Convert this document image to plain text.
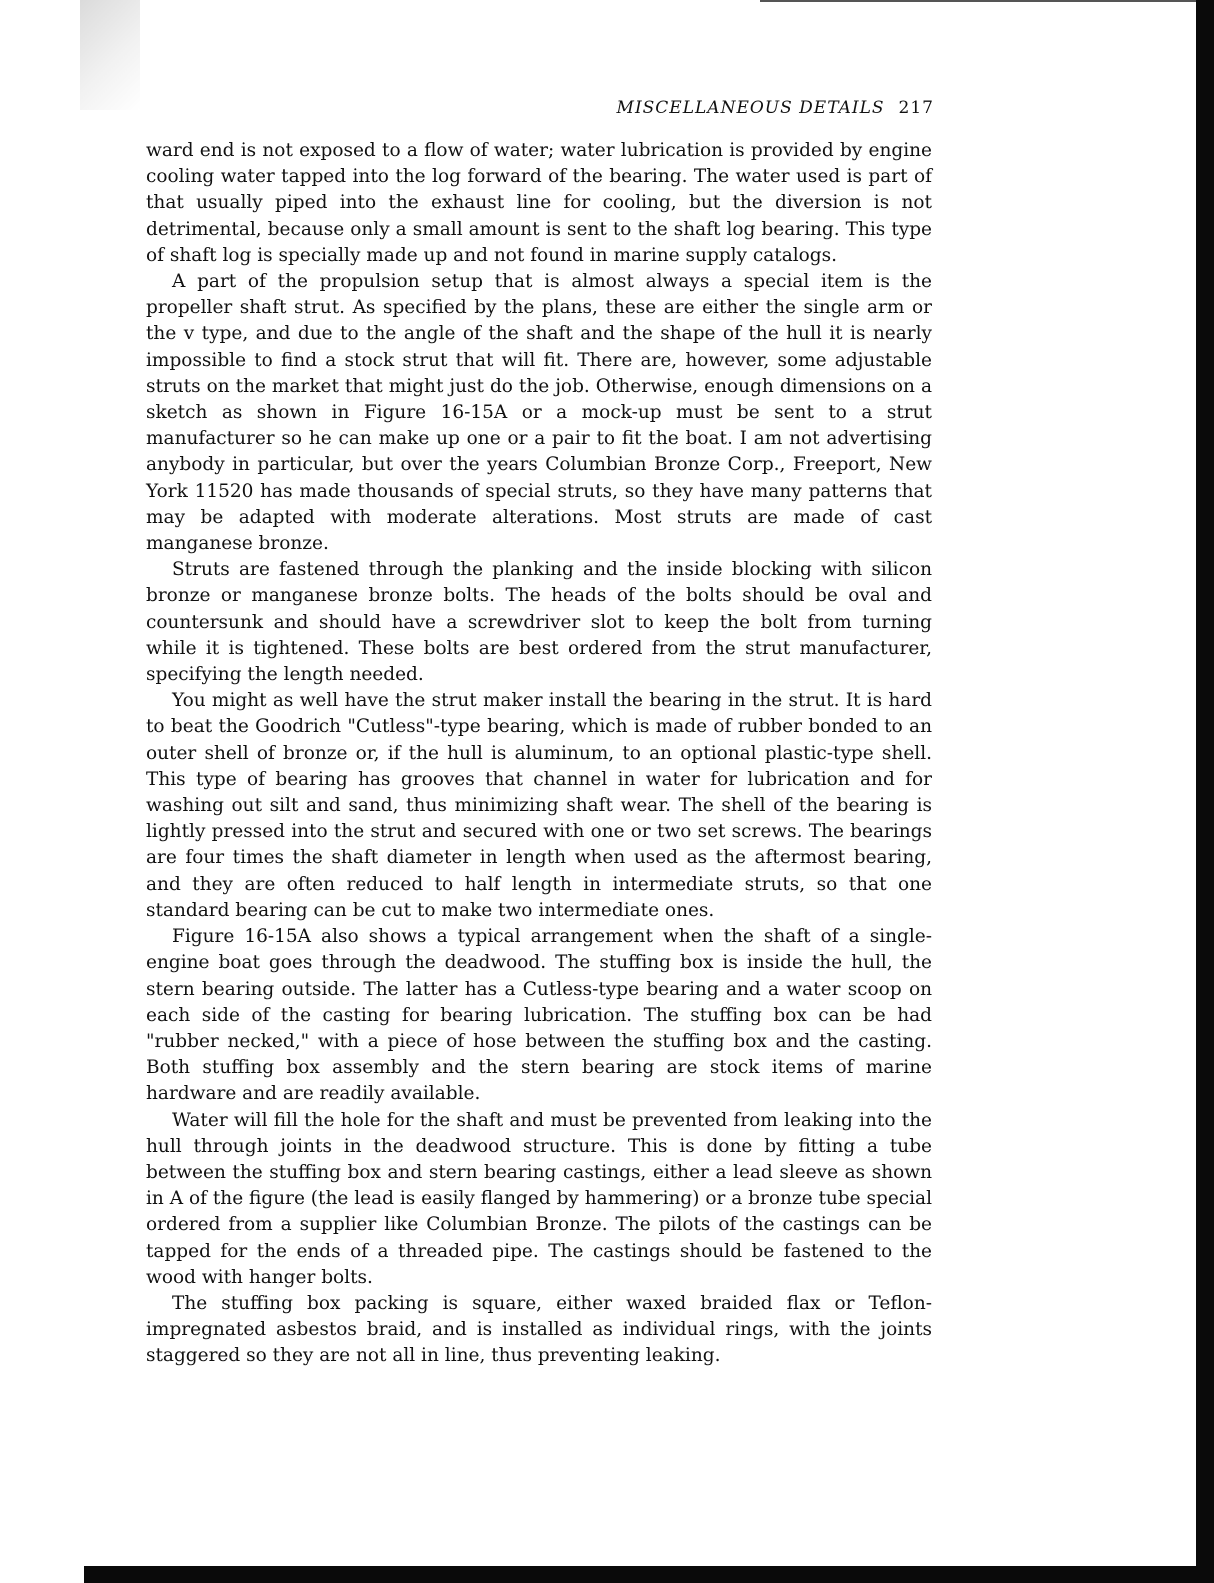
MISCELLANEOUS DETAILS 217

ward end is not exposed to a flow of water; water lubrication is provided by engine cooling water tapped into the log forward of the bearing. The water used is part of that usually piped into the exhaust line for cooling, but the diversion is not detrimental, because only a small amount is sent to the shaft log bearing. This type of shaft log is specially made up and not found in marine supply catalogs.

A part of the propulsion setup that is almost always a special item is the propeller shaft strut. As specified by the plans, these are either the single arm or the v type, and due to the angle of the shaft and the shape of the hull it is nearly impossible to find a stock strut that will fit. There are, however, some adjustable struts on the market that might just do the job. Otherwise, enough dimensions on a sketch as shown in Figure 16-15A or a mock-up must be sent to a strut manufacturer so he can make up one or a pair to fit the boat. I am not advertising anybody in particular, but over the years Columbian Bronze Corp., Freeport, New York 11520 has made thousands of special struts, so they have many patterns that may be adapted with moderate alterations. Most struts are made of cast manganese bronze.

Struts are fastened through the planking and the inside blocking with silicon bronze or manganese bronze bolts. The heads of the bolts should be oval and countersunk and should have a screwdriver slot to keep the bolt from turning while it is tightened. These bolts are best ordered from the strut manufacturer, specifying the length needed.

You might as well have the strut maker install the bearing in the strut. It is hard to beat the Goodrich "Cutless"-type bearing, which is made of rubber bonded to an outer shell of bronze or, if the hull is aluminum, to an optional plastic-type shell. This type of bearing has grooves that channel in water for lubrication and for washing out silt and sand, thus minimizing shaft wear. The shell of the bearing is lightly pressed into the strut and secured with one or two set screws. The bearings are four times the shaft diameter in length when used as the aftermost bearing, and they are often reduced to half length in intermediate struts, so that one standard bearing can be cut to make two intermediate ones.

Figure 16-15A also shows a typical arrangement when the shaft of a single-engine boat goes through the deadwood. The stuffing box is inside the hull, the stern bearing outside. The latter has a Cutless-type bearing and a water scoop on each side of the casting for bearing lubrication. The stuffing box can be had "rubber necked," with a piece of hose between the stuffing box and the casting. Both stuffing box assembly and the stern bearing are stock items of marine hardware and are readily available.

Water will fill the hole for the shaft and must be prevented from leaking into the hull through joints in the deadwood structure. This is done by fitting a tube between the stuffing box and stern bearing castings, either a lead sleeve as shown in A of the figure (the lead is easily flanged by hammering) or a bronze tube special ordered from a supplier like Columbian Bronze. The pilots of the castings can be tapped for the ends of a threaded pipe. The castings should be fastened to the wood with hanger bolts.

The stuffing box packing is square, either waxed braided flax or Teflon-impregnated asbestos braid, and is installed as individual rings, with the joints staggered so they are not all in line, thus preventing leaking.
